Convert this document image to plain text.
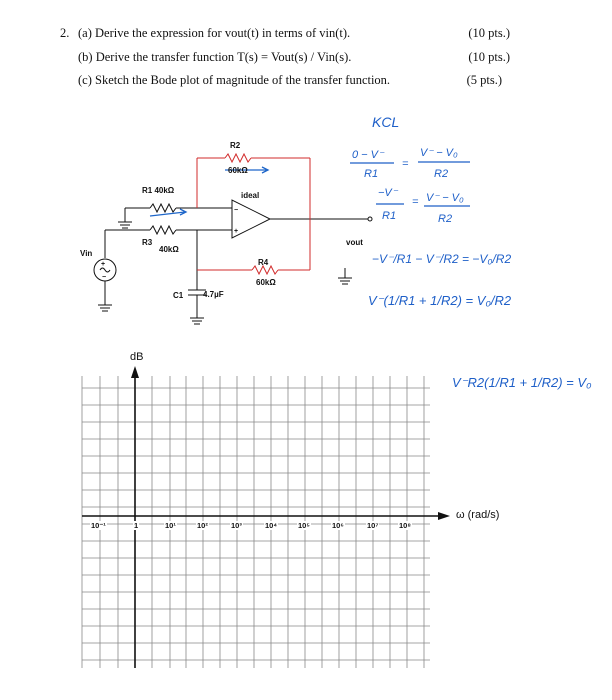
2. (a) Derive the expression for vout(t) in terms of vin(t).	(10 pts.)
(b) Derive the transfer function T(s) = Vout(s) / Vin(s).	(10 pts.)
(c) Sketch the Bode plot of magnitude of the transfer function.	(5 pts.)
−
+
+
−
R2
60kΩ
R1 40kΩ
ideal
R3
40kΩ
Vin
vout
R4
60kΩ
C1 4.7µF
KCL
0 − V⁻
R1
=
V⁻ − V₀
R2
−V⁻
R1
= V⁻ − V₀
R2
−V⁻/R1 − V⁻/R2 = −V₀/R2
V⁻(1/R1 + 1/R2) = V₀/R2
V⁻R2(1/R1 + 1/R2) = V₀
dB
ω (rad/s)
10⁻¹	1	10¹	10²	10³	10⁴	10⁵	10⁶	10⁷	10⁸
